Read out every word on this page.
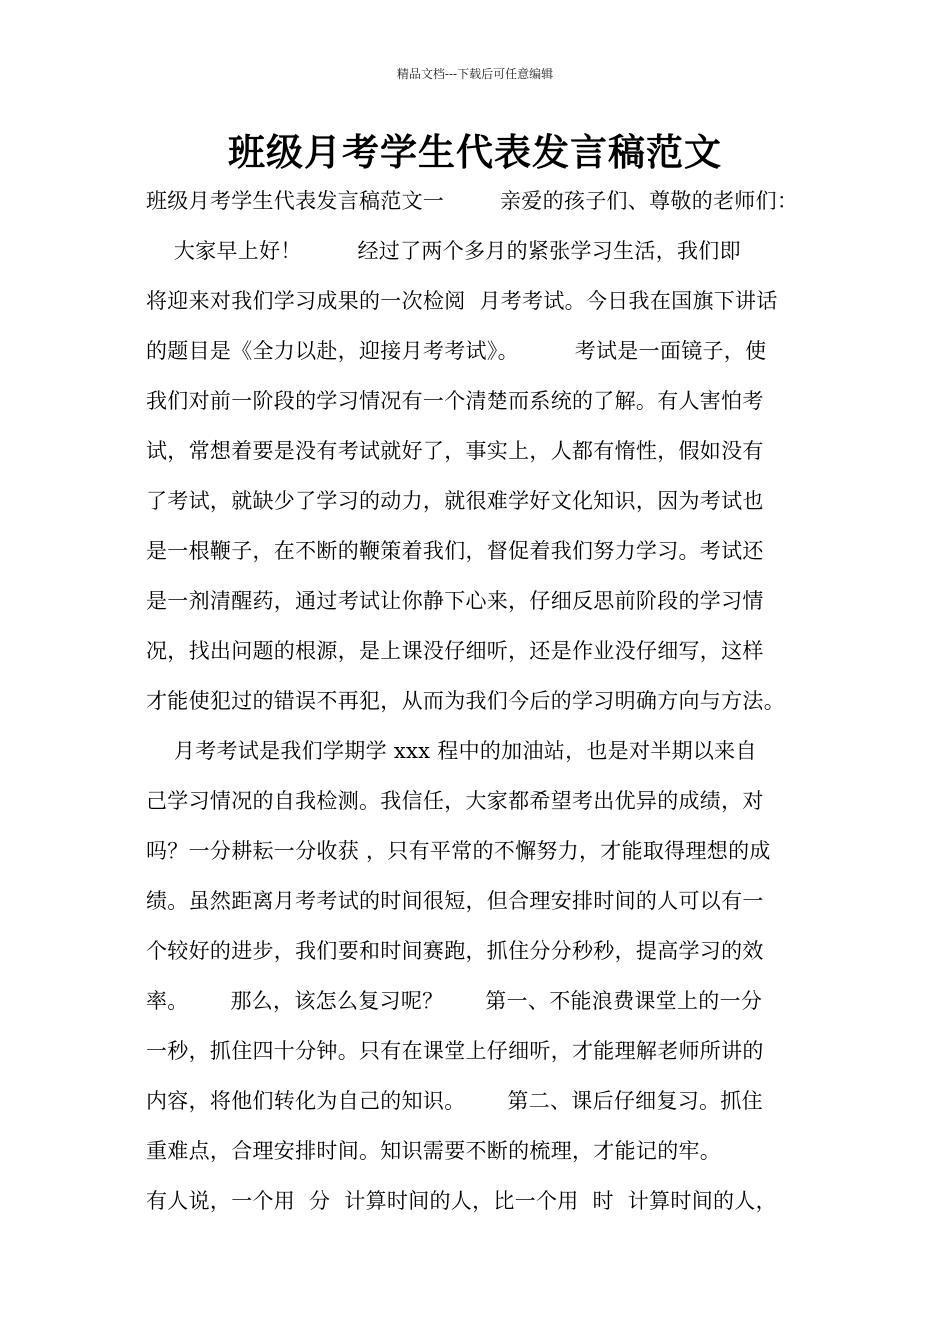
精品文档---下载后可任意编辑
班级月考学生代表发言稿范文
班级月考学生代表发言稿范文一        亲爱的孩子们、尊敬的老师们：
大家早上好！        经过了两个多月的紧张学习生活，我们即
将迎来对我们学习成果的一次检阅  月考考试。今日我在国旗下讲话
的题目是《全力以赴，迎接月考考试》。        考试是一面镜子，使
我们对前一阶段的学习情况有一个清楚而系统的了解。有人害怕考
试，常想着要是没有考试就好了，事实上，人都有惰性，假如没有
了考试，就缺少了学习的动力，就很难学好文化知识，因为考试也
是一根鞭子，在不断的鞭策着我们，督促着我们努力学习。考试还
是一剂清醒药，通过考试让你静下心来，仔细反思前阶段的学习情
况，找出问题的根源，是上课没仔细听，还是作业没仔细写，这样
才能使犯过的错误不再犯，从而为我们今后的学习明确方向与方法。
月考考试是我们学期学 xxx 程中的加油站，也是对半期以来自
己学习情况的自我检测。我信任，大家都希望考出优异的成绩，对
吗？一分耕耘一分收获 ，只有平常的不懈努力，才能取得理想的成
绩。虽然距离月考考试的时间很短，但合理安排时间的人可以有一
个较好的进步，我们要和时间赛跑，抓住分分秒秒，提高学习的效
率。      那么，该怎么复习呢？      第一、不能浪费课堂上的一分
一秒，抓住四十分钟。只有在课堂上仔细听，才能理解老师所讲的
内容，将他们转化为自己的知识。      第二、课后仔细复习。抓住
重难点，合理安排时间。知识需要不断的梳理，才能记的牢。
有人说，一个用  分  计算时间的人，比一个用  时  计算时间的人，
